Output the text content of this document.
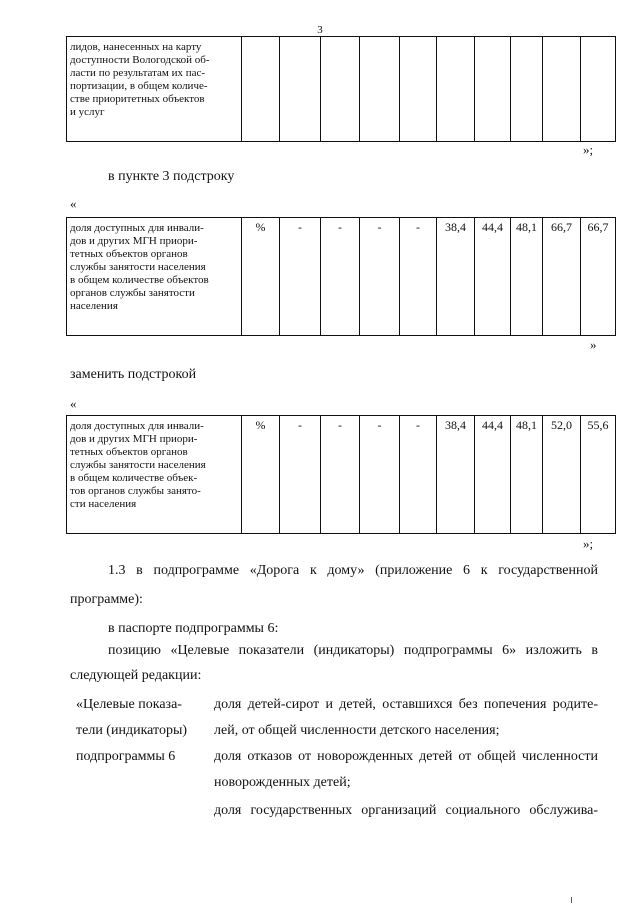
3
лидов, нанесенных на карту
доступности Вологодской об-
ласти по результатам их пас-
портизации, в общем количе-
стве приоритетных объектов
и услуг

»;
в пункте 3 подстроку
«
доля доступных для инвали-
дов и других МГН приори-
тетных объектов органов
службы занятости населения
в общем количестве объектов
органов службы занятости
населения
	%	-	-	-	-	38,4	44,4	48,1	66,7	66,7
»
заменить подстрокой
«
доля доступных для инвали-
дов и других МГН приори-
тетных объектов органов
службы занятости населения
в общем количестве объек-
тов органов службы занято-
сти населения
	%	-	-	-	-	38,4	44,4	48,1	52,0	55,6
»;
1.3 в подпрограмме «Дорога к дому» (приложение 6 к государственной
программе):
в паспорте подпрограммы 6:
позицию «Целевые показатели (индикаторы) подпрограммы 6» изложить в
следующей редакции:
«Целевые показа-
тели (индикаторы)
подпрограммы 6
доля детей-сирот и детей, оставшихся без попечения родите-
лей, от общей численности детского населения;
доля отказов от новорожденных детей от общей численности
новорожденных детей;
доля государственных организаций социального обслужива-
